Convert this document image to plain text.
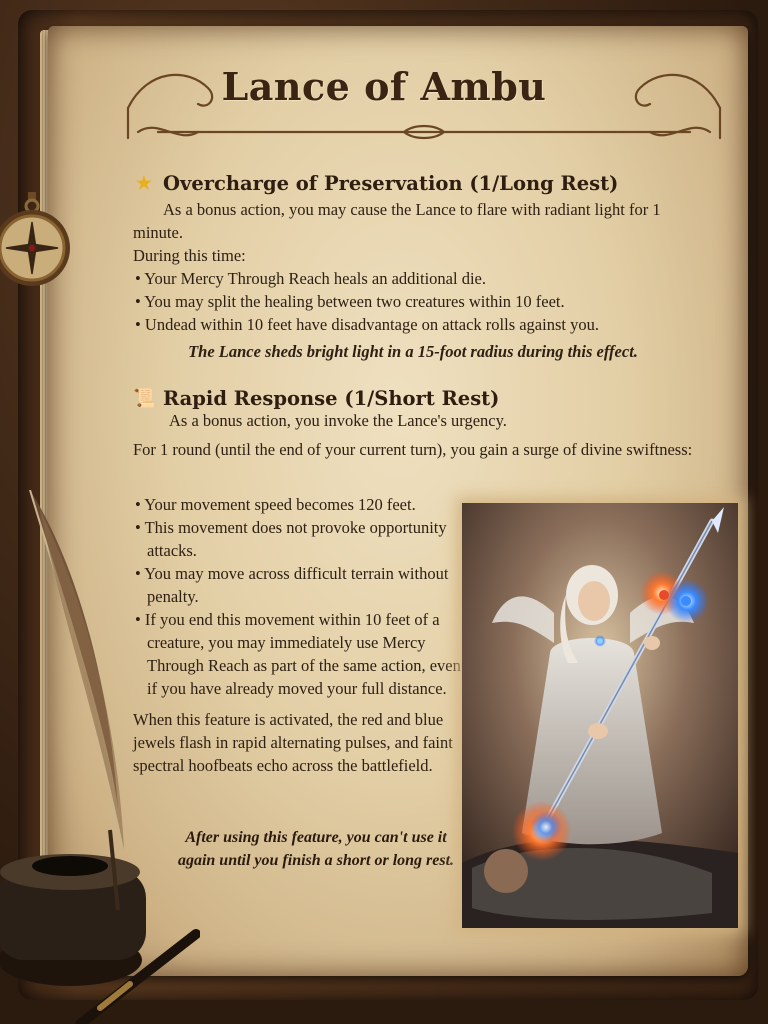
Lance of Ambu
★ Overcharge of Preservation (1/Long Rest)

As a bonus action, you may cause the Lance to flare with radiant light for 1 minute.

During this time:

• Your Mercy Through Reach heals an additional die.
• You may split the healing between two creatures within 10 feet.
• Undead within 10 feet have disadvantage on attack rolls against you.

The Lance sheds bright light in a 15-foot radius during this effect.

📜 Rapid Response (1/Short Rest)

As a bonus action, you invoke the Lance's urgency.

For 1 round (until the end of your current turn), you gain a surge of divine swiftness:

• Your movement speed becomes 120 feet.
• This movement does not provoke opportunity attacks.
• You may move across difficult terrain without penalty.
• If you end this movement within 10 feet of a creature, you may immediately use Mercy Through Reach as part of the same action, even if you have already moved your full distance.

When this feature is activated, the red and blue jewels flash in rapid alternating pulses, and faint spectral hoofbeats echo across the battlefield.

After using this feature, you can't use it again until you finish a short or long rest.
